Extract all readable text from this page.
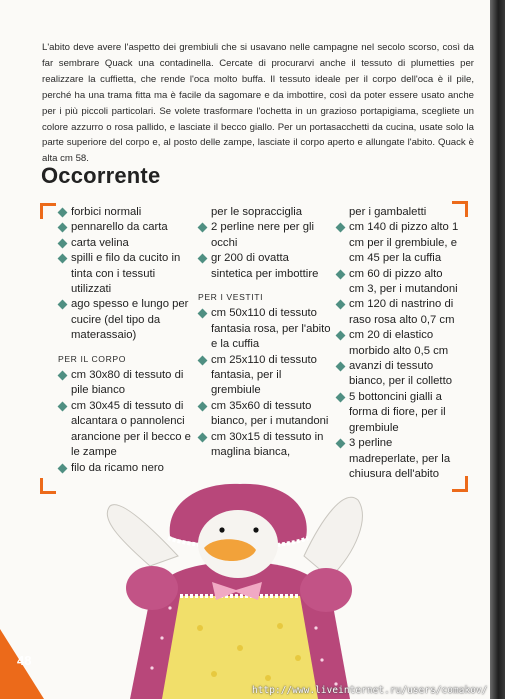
L'abito deve avere l'aspetto dei grembiuli che si usavano nelle campagne nel secolo scorso, così da far sembrare Quack una contadinella. Cercate di procurarvi anche il tessuto di plumetties per realizzare la cuffietta, che rende l'oca molto buffa. Il tessuto ideale per il corpo dell'oca è il pile, perché ha una trama fitta ma è facile da sagomare e da imbottire, così da poter essere usato anche per i più piccoli particolari. Se volete trasformare l'ochetta in un grazioso portapigiama, scegliete un colore azzurro o rosa pallido, e lasciate il becco giallo. Per un portasacchetti da cucina, usate solo la parte superiore del corpo e, al posto delle zampe, lasciate il corpo aperto e allungate l'abito. Quack è alta cm 58.

Occorrente
forbici normali
pennarello da carta
carta velina
spilli e filo da cucito in tinta con i tessuti utilizzati
ago spesso e lungo per cucire (del tipo da materassaio)
PER IL CORPO
cm 30x80 di tessuto di pile bianco
cm 30x45 di tessuto di alcantara o pannolenci arancione per il becco e le zampe
filo da ricamo nero
per le sopracciglia
2 perline nere per gli occhi
gr 200 di ovatta sintetica per imbottire
PER I VESTITI
cm 50x110 di tessuto fantasia rosa, per l'abito e la cuffia
cm 25x110 di tessuto fantasia, per il grembiule
cm 35x60 di tessuto bianco, per i mutandoni
cm 30x15 di tessuto in maglina bianca,
per i gambaletti
cm 140 di pizzo alto 1 cm per il grembiule, e cm 45 per la cuffia
cm 60 di pizzo alto cm 3, per i mutandoni
cm 120 di nastrino di raso rosa alto 0,7 cm
cm 20 di elastico morbido alto 0,5 cm
avanzi di tessuto bianco, per il colletto
5 bottoncini gialli a forma di fiore, per il grembiule
3 perline madreperlate, per la chiusura dell'abito
48
http://www.liveinternet.ru/users/comakov/
